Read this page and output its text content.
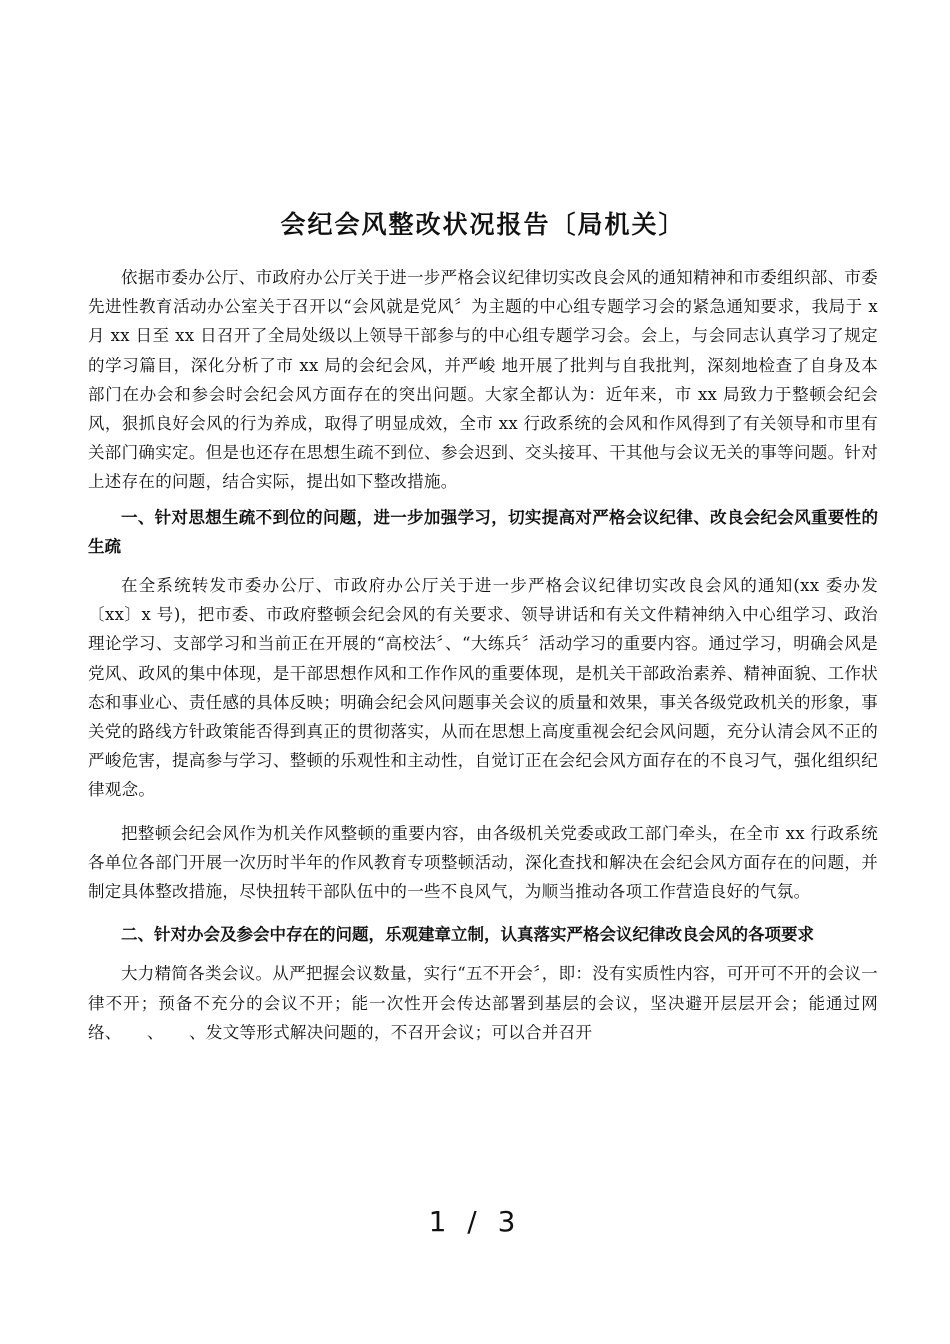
会纪会风整改状况报告〔局机关〕

依据市委办公厅、市政府办公厅关于进一步严格会议纪律切实改良会风的通知精神和市委组织部、市委先进性教育活动办公室关于召开以“会风就是党风〞为主题的中心组专题学习会的紧急通知要求，我局于 x 月 xx 日至 xx 日召开了全局处级以上领导干部参与的中心组专题学习会。会上，与会同志认真学习了规定的学习篇目，深化分析了市 xx 局的会纪会风，并严峻 地开展了批判与自我批判，深刻地检查了自身及本部门在办会和参会时会纪会风方面存在的突出问题。大家全都认为：近年来，市 xx 局致力于整顿会纪会风，狠抓良好会风的行为养成，取得了明显成效，全市 xx 行政系统的会风和作风得到了有关领导和市里有关部门确实定。但是也还存在思想生疏不到位、参会迟到、交头接耳、干其他与会议无关的事等问题。针对上述存在的问题，结合实际，提出如下整改措施。

一、针对思想生疏不到位的问题，进一步加强学习，切实提高对严格会议纪律、改良会纪会风重要性的生疏

在全系统转发市委办公厅、市政府办公厅关于进一步严格会议纪律切实改良会风的通知(xx 委办发〔xx〕x 号)，把市委、市政府整顿会纪会风的有关要求、领导讲话和有关文件精神纳入中心组学习、政治理论学习、支部学习和当前正在开展的“高校法〞、“大练兵〞活动学习的重要内容。通过学习，明确会风是党风、政风的集中体现，是干部思想作风和工作作风的重要体现，是机关干部政治素养、精神面貌、工作状态和事业心、责任感的具体反映；明确会纪会风问题事关会议的质量和效果，事关各级党政机关的形象，事关党的路线方针政策能否得到真正的贯彻落实，从而在思想上高度重视会纪会风问题，充分认清会风不正的严峻危害，提高参与学习、整顿的乐观性和主动性，自觉订正在会纪会风方面存在的不良习气，强化组织纪律观念。

把整顿会纪会风作为机关作风整顿的重要内容，由各级机关党委或政工部门牵头，在全市 xx 行政系统各单位各部门开展一次历时半年的作风教育专项整顿活动，深化查找和解决在会纪会风方面存在的问题，并制定具体整改措施，尽快扭转干部队伍中的一些不良风气，为顺当推动各项工作营造良好的气氛。

二、针对办会及参会中存在的问题，乐观建章立制，认真落实严格会议纪律改良会风的各项要求

大力精简各类会议。从严把握会议数量，实行“五不开会〞，即：没有实质性内容，可开可不开的会议一律不开；预备不充分的会议不开；能一次性开会传达部署到基层的会议，坚决避开层层开会；能通过网络、　　、　　、发文等形式解决问题的，不召开会议；可以合并召开

1 / 3
